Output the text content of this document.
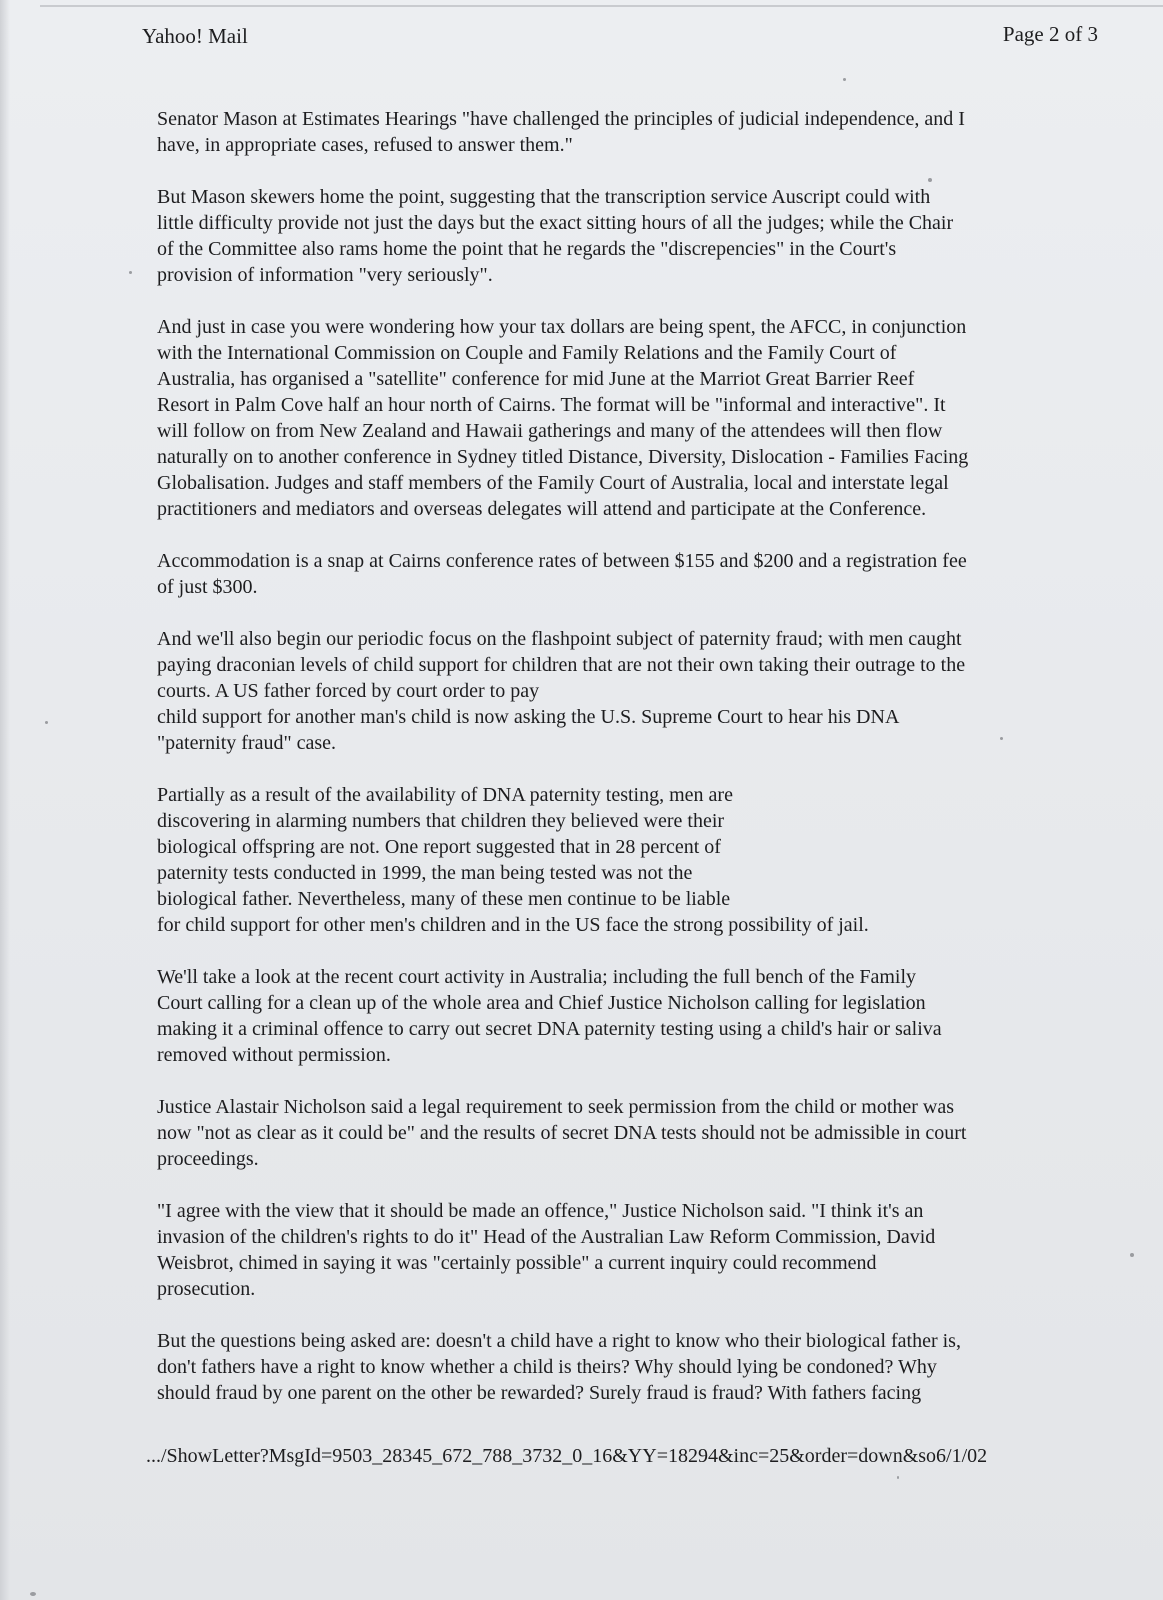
Yahoo! Mail	Page 2 of 3

Senator Mason at Estimates Hearings "have challenged the principles of judicial independence, and I
have, in appropriate cases, refused to answer them."

But Mason skewers home the point, suggesting that the transcription service Auscript could with
little difficulty provide not just the days but the exact sitting hours of all the judges; while the Chair
of the Committee also rams home the point that he regards the "discrepencies" in the Court's
provision of information "very seriously".

And just in case you were wondering how your tax dollars are being spent, the AFCC, in conjunction
with the International Commission on Couple and Family Relations and the Family Court of
Australia, has organised a "satellite" conference for mid June at the Marriot Great Barrier Reef
Resort in Palm Cove half an hour north of Cairns. The format will be "informal and interactive". It
will follow on from New Zealand and Hawaii gatherings and many of the attendees will then flow
naturally on to another conference in Sydney titled Distance, Diversity, Dislocation - Families Facing
Globalisation. Judges and staff members of the Family Court of Australia, local and interstate legal
practitioners and mediators and overseas delegates will attend and participate at the Conference.

Accommodation is a snap at Cairns conference rates of between $155 and $200 and a registration fee
of just $300.

And we'll also begin our periodic focus on the flashpoint subject of paternity fraud; with men caught
paying draconian levels of child support for children that are not their own taking their outrage to the
courts. A US father forced by court order to pay
child support for another man's child is now asking the U.S. Supreme Court to hear his DNA
"paternity fraud" case.

Partially as a result of the availability of DNA paternity testing, men are
discovering in alarming numbers that children they believed were their
biological offspring are not. One report suggested that in 28 percent of
paternity tests conducted in 1999, the man being tested was not the
biological father. Nevertheless, many of these men continue to be liable
for child support for other men's children and in the US face the strong possibility of jail.

We'll take a look at the recent court activity in Australia; including the full bench of the Family
Court calling for a clean up of the whole area and Chief Justice Nicholson calling for legislation
making it a criminal offence to carry out secret DNA paternity testing using a child's hair or saliva
removed without permission.

Justice Alastair Nicholson said a legal requirement to seek permission from the child or mother was
now "not as clear as it could be" and the results of secret DNA tests should not be admissible in court
proceedings.

"I agree with the view that it should be made an offence," Justice Nicholson said. "I think it's an
invasion of the children's rights to do it" Head of the Australian Law Reform Commission, David
Weisbrot, chimed in saying it was "certainly possible" a current inquiry could recommend
prosecution.

But the questions being asked are: doesn't a child have a right to know who their biological father is,
don't fathers have a right to know whether a child is theirs? Why should lying be condoned? Why
should fraud by one parent on the other be rewarded? Surely fraud is fraud? With fathers facing

.../ShowLetter?MsgId=9503_28345_672_788_3732_0_16&YY=18294&inc=25&order=down&so6/1/02
